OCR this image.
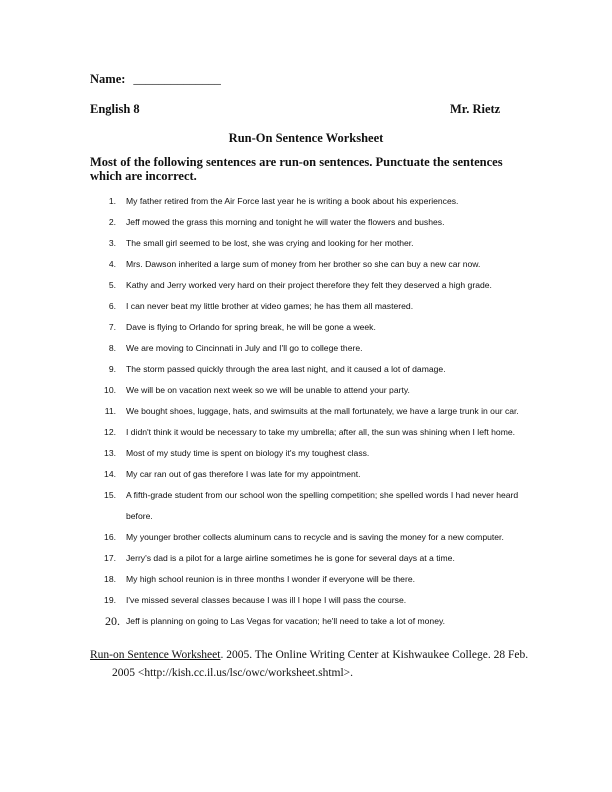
Name: ______________
English 8	Mr. Rietz
Run-On Sentence Worksheet
Most of the following sentences are run-on sentences. Punctuate the sentences which are incorrect.
1. My father retired from the Air Force last year he is writing a book about his experiences.
2. Jeff mowed the grass this morning and tonight he will water the flowers and bushes.
3. The small girl seemed to be lost, she was crying and looking for her mother.
4. Mrs. Dawson inherited a large sum of money from her brother so she can buy a new car now.
5. Kathy and Jerry worked very hard on their project therefore they felt they deserved a high grade.
6. I can never beat my little brother at video games; he has them all mastered.
7. Dave is flying to Orlando for spring break, he will be gone a week.
8. We are moving to Cincinnati in July and I'll go to college there.
9. The storm passed quickly through the area last night, and it caused a lot of damage.
10. We will be on vacation next week so we will be unable to attend your party.
11. We bought shoes, luggage, hats, and swimsuits at the mall fortunately, we have a large trunk in our car.
12. I didn't think it would be necessary to take my umbrella; after all, the sun was shining when I left home.
13. Most of my study time is spent on biology it's my toughest class.
14. My car ran out of gas therefore I was late for my appointment.
15. A fifth-grade student from our school won the spelling competition; she spelled words I had never heard
before.
16. My younger brother collects aluminum cans to recycle and is saving the money for a new computer.
17. Jerry's dad is a pilot for a large airline sometimes he is gone for several days at a time.
18. My high school reunion is in three months I wonder if everyone will be there.
19. I've missed several classes because I was ill I hope I will pass the course.
20. Jeff is planning on going to Las Vegas for vacation; he'll need to take a lot of money.
Run-on Sentence Worksheet. 2005. The Online Writing Center at Kishwaukee College. 28 Feb.
2005 <http://kish.cc.il.us/lsc/owc/worksheet.shtml>.
